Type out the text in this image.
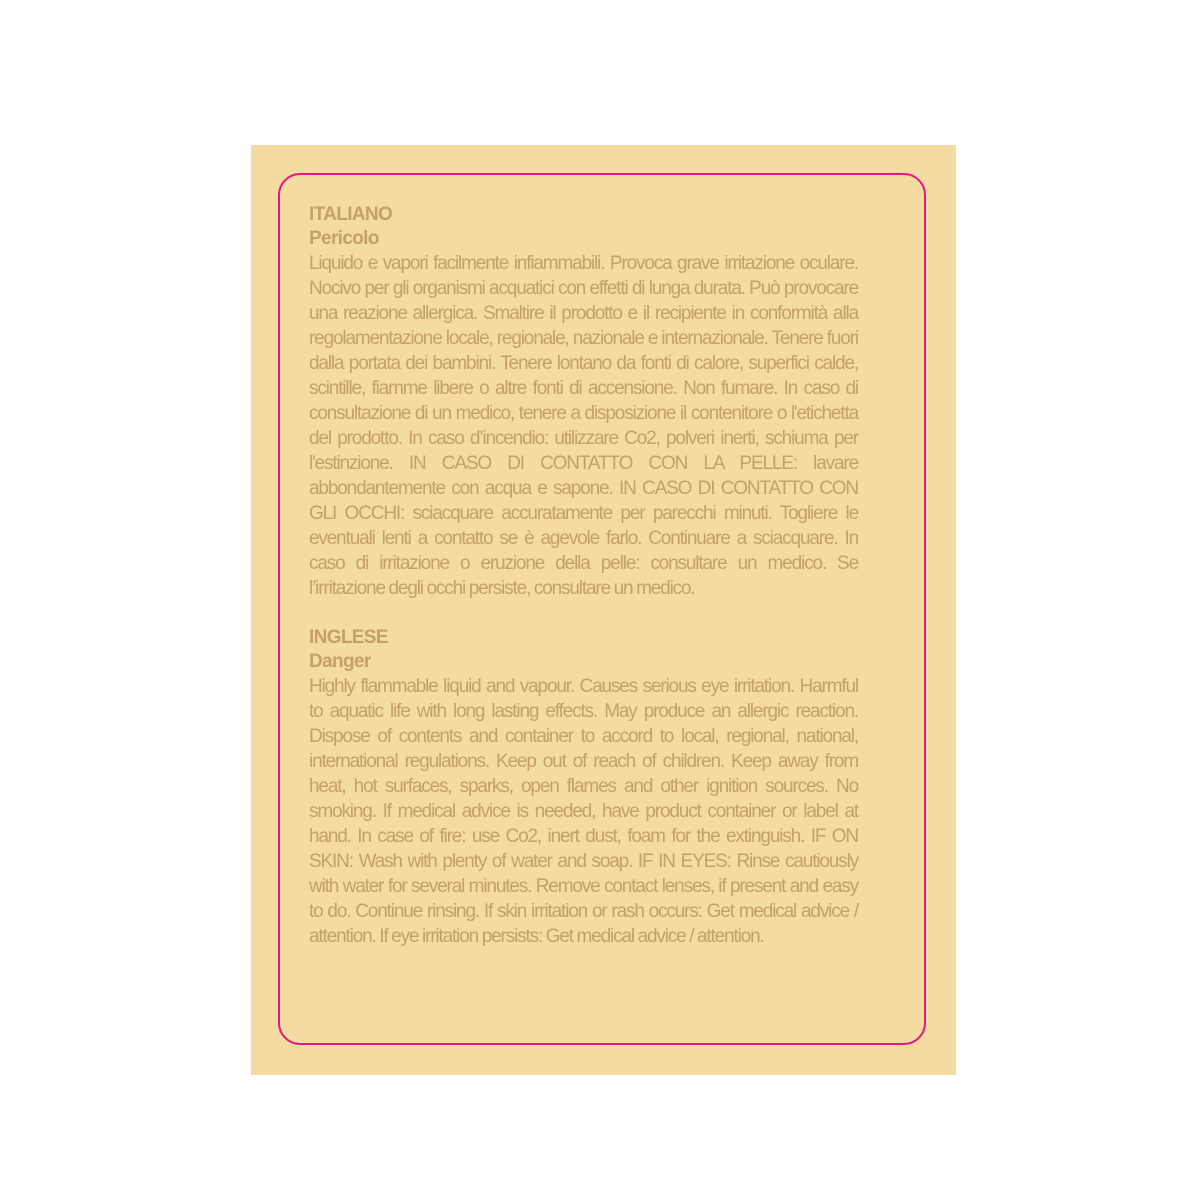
ITALIANO

Pericolo

Liquido e vapori facilmente infiammabili. Provoca grave irritazione oculare. Nocivo per gli organismi acquatici con effetti di lunga durata. Può provocare una reazione allergica. Smaltire il prodotto e il recipiente in conformità alla regolamentazione locale, regionale, nazionale e internazionale. Tenere fuori dalla portata dei bambini. Tenere lontano da fonti di calore, superfici calde, scintille, fiamme libere o altre fonti di accensione. Non fumare. In caso di consultazione di un medico, tenere a disposizione il contenitore o l'etichetta del prodotto. In caso d’incendio: utilizzare Co2, polveri inerti, schiuma per l'estinzione. IN CASO DI CONTATTO CON LA PELLE: lavare abbondantemente con acqua e sapone. IN CASO DI CONTATTO CON GLI OCCHI: sciacquare accuratamente per parecchi minuti. Togliere le eventuali lenti a contatto se è agevole farlo. Continuare a sciacquare. In caso di irritazione o eruzione della pelle: consultare un medico. Se l’irritazione degli occhi persiste, consultare un medico.

INGLESE

Danger

Highly flammable liquid and vapour. Causes serious eye irritation. Harmful to aquatic life with long lasting effects. May produce an allergic reaction. Dispose of contents and container to accord to local, regional, national, international regulations. Keep out of reach of children. Keep away from heat, hot surfaces, sparks, open flames and other ignition sources. No smoking. If medical advice is needed, have product container or label at hand. In case of fire: use Co2, inert dust, foam for the extinguish. IF ON SKIN: Wash with plenty of water and soap. IF IN EYES: Rinse cautiously with water for several minutes. Remove contact lenses, if present and easy to do. Continue rinsing. If skin irritation or rash occurs: Get medical advice / attention. If eye irritation persists: Get medical advice / attention.
